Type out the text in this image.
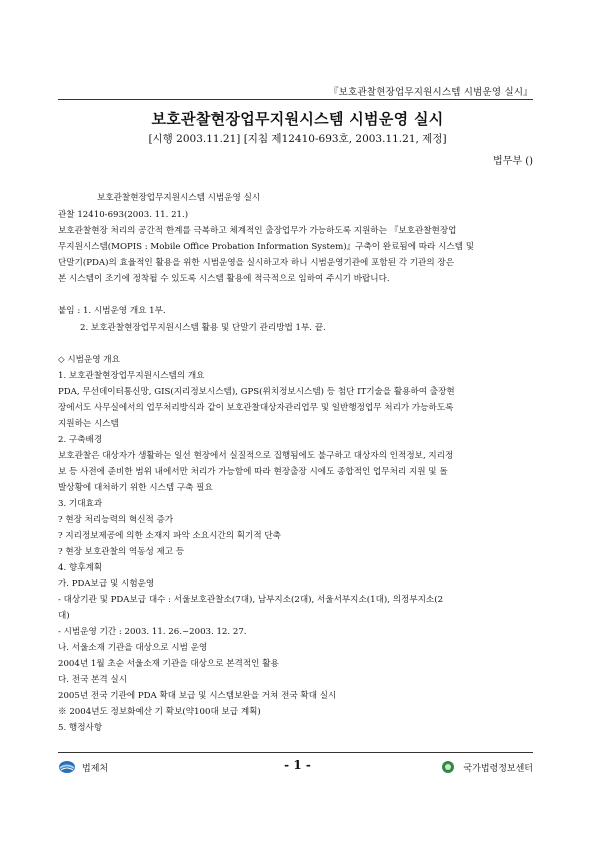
『보호관찰현장업무지원시스템 시범운영 실시』
보호관찰현장업무지원시스템 시범운영 실시
[시행 2003.11.21] [지침 제12410-693호, 2003.11.21, 제정]
법무부 ()
보호관찰현장업무지원시스템 시범운영 실시
관찰 12410-693(2003. 11. 21.)
보호관찰현장 처리의 공간적 한계를 극복하고 체계적인 출장업무가 가능하도록 지원하는 『보호관찰현장업
무지원시스템(MOPIS : Mobile Office Probation Information System)』구축이 완료됨에 따라 시스템 및
단말기(PDA)의 효율적인 활용을 위한 시범운영을 실시하고자 하니 시범운영기관에 포함된 각 기관의 장은
본 시스템이 조기에 정착될 수 있도록 시스템 활용에 적극적으로 임하여 주시기 바랍니다.
붙임 : 1. 시범운영 개요 1부.
2. 보호관찰현장업무지원시스템 활용 및 단말기 관리방법 1부. 끝.
◇ 시범운영 개요
1. 보호관찰현장업무지원시스템의 개요
PDA, 무선데이터통신망, GIS(지리정보시스템), GPS(위치정보시스템) 등 첨단 IT기술을 활용하여 출장현
장에서도 사무실에서의 업무처리방식과 같이 보호관찰대상자관리업무 및 일반행정업무 처리가 가능하도록
지원하는 시스템
2. 구축배경
보호관찰은 대상자가 생활하는 일선 현장에서 실질적으로 집행됨에도 불구하고 대상자의 인적정보, 지리정
보 등 사전에 준비한 범위 내에서만 처리가 가능함에 따라 현장출장 시에도 종합적인 업무처리 지원 및 돌
발상황에 대처하기 위한 시스템 구축 필요
3. 기대효과
? 현장 처리능력의 혁신적 증가
? 지리정보제공에 의한 소재지 파악 소요시간의 획기적 단축
? 현장 보호관찰의 역동성 제고 등
4. 향후계획
가. PDA보급 및 시험운영
- 대상기관 및 PDA보급 대수 : 서울보호관찰소(7대), 남부지소(2대), 서울서부지소(1대), 의정부지소(2
대)
- 시범운영 기간 : 2003. 11. 26.~2003. 12. 27.
나. 서울소재 기관을 대상으로 시범 운영
2004년 1월 초순 서울소재 기관을 대상으로 본격적인 활용
다. 전국 본격 실시
2005년 전국 기관에 PDA 확대 보급 및 시스템보완을 거쳐 전국 확대 실시
※ 2004년도 정보화예산 기 확보(약100대 보급 계획)
5. 행정사항
법제처	- 1 -	국가법령정보센터
